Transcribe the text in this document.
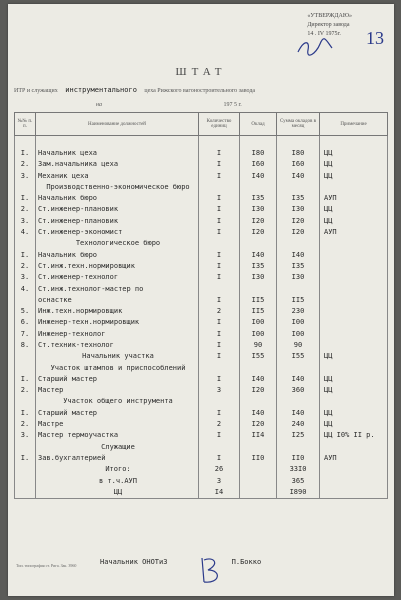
«УТВЕРЖДАЮ»
Директор завода
14 . IV 1975г.	13
ШТАТ
ИТР и служащих инструментального цеха Рижского вагоностроительного завода
на	197 5 г.
№№ п. п.	Наименование должностей	Количество единиц	Оклад	Сумма окладов в месяц	Примечание

I.	Начальник цеха	I	I80	I80	ЦЦ
2.	Зам.начальника цеха	I	I60	I60	ЦЦ
3.	Механик цеха	I	I40	I40	ЦЦ
	Производственно-экономическое бюро				
I.	Начальник бюро	I	I35	I35	АУП
2.	Ст.инженер-плановик	I	I30	I30	ЦЦ
3.	Ст.инженер-плановик	I	I20	I20	ЦЦ
4.	Ст.инженер-экономист	I	I20	I20	АУП
	Технологическое бюро				
I.	Начальник бюро	I	I40	I40	
2.	Ст.инж.техн.нормировщик	I	I35	I35	
3.	Ст.инженер-технолог	I	I30	I30	
4.	Ст.инж.технолог-мастер по				
	оснастке	I	II5	II5	
5.	Инж.техн.нормировщик	2	II5	230	
6.	Инженер-техн.нормировщик	I	I00	I00	
7.	Инженер-технолог	I	I00	I00	
8.	Ст.техник-технолог	I	90	90	
	Начальник участка	I	I55	I55	ЦЦ
	Участок штампов и приспособлений				
I.	Старший мастер	I	I40	I40	ЦЦ
2.	Мастер	3	I20	360	ЦЦ
	Участок общего инструмента				
I.	Старший мастер	I	I40	I40	ЦЦ
2.	Мастре	2	I20	240	ЦЦ
3.	Мастер термоучастка	I	II4	I25	ЦЦ I0% II р.
	Служащие				
I.	Зав.бухгалтерией	I	II0	II0	АУП
	Итого:	26		33I0	
	в т.ч.АУП	3		365	
	ЦЦ	I4		I890	
Тип. типография ст. Рига. Зак. 3960	Начальник ОНОТиЗ	П.Бокко
